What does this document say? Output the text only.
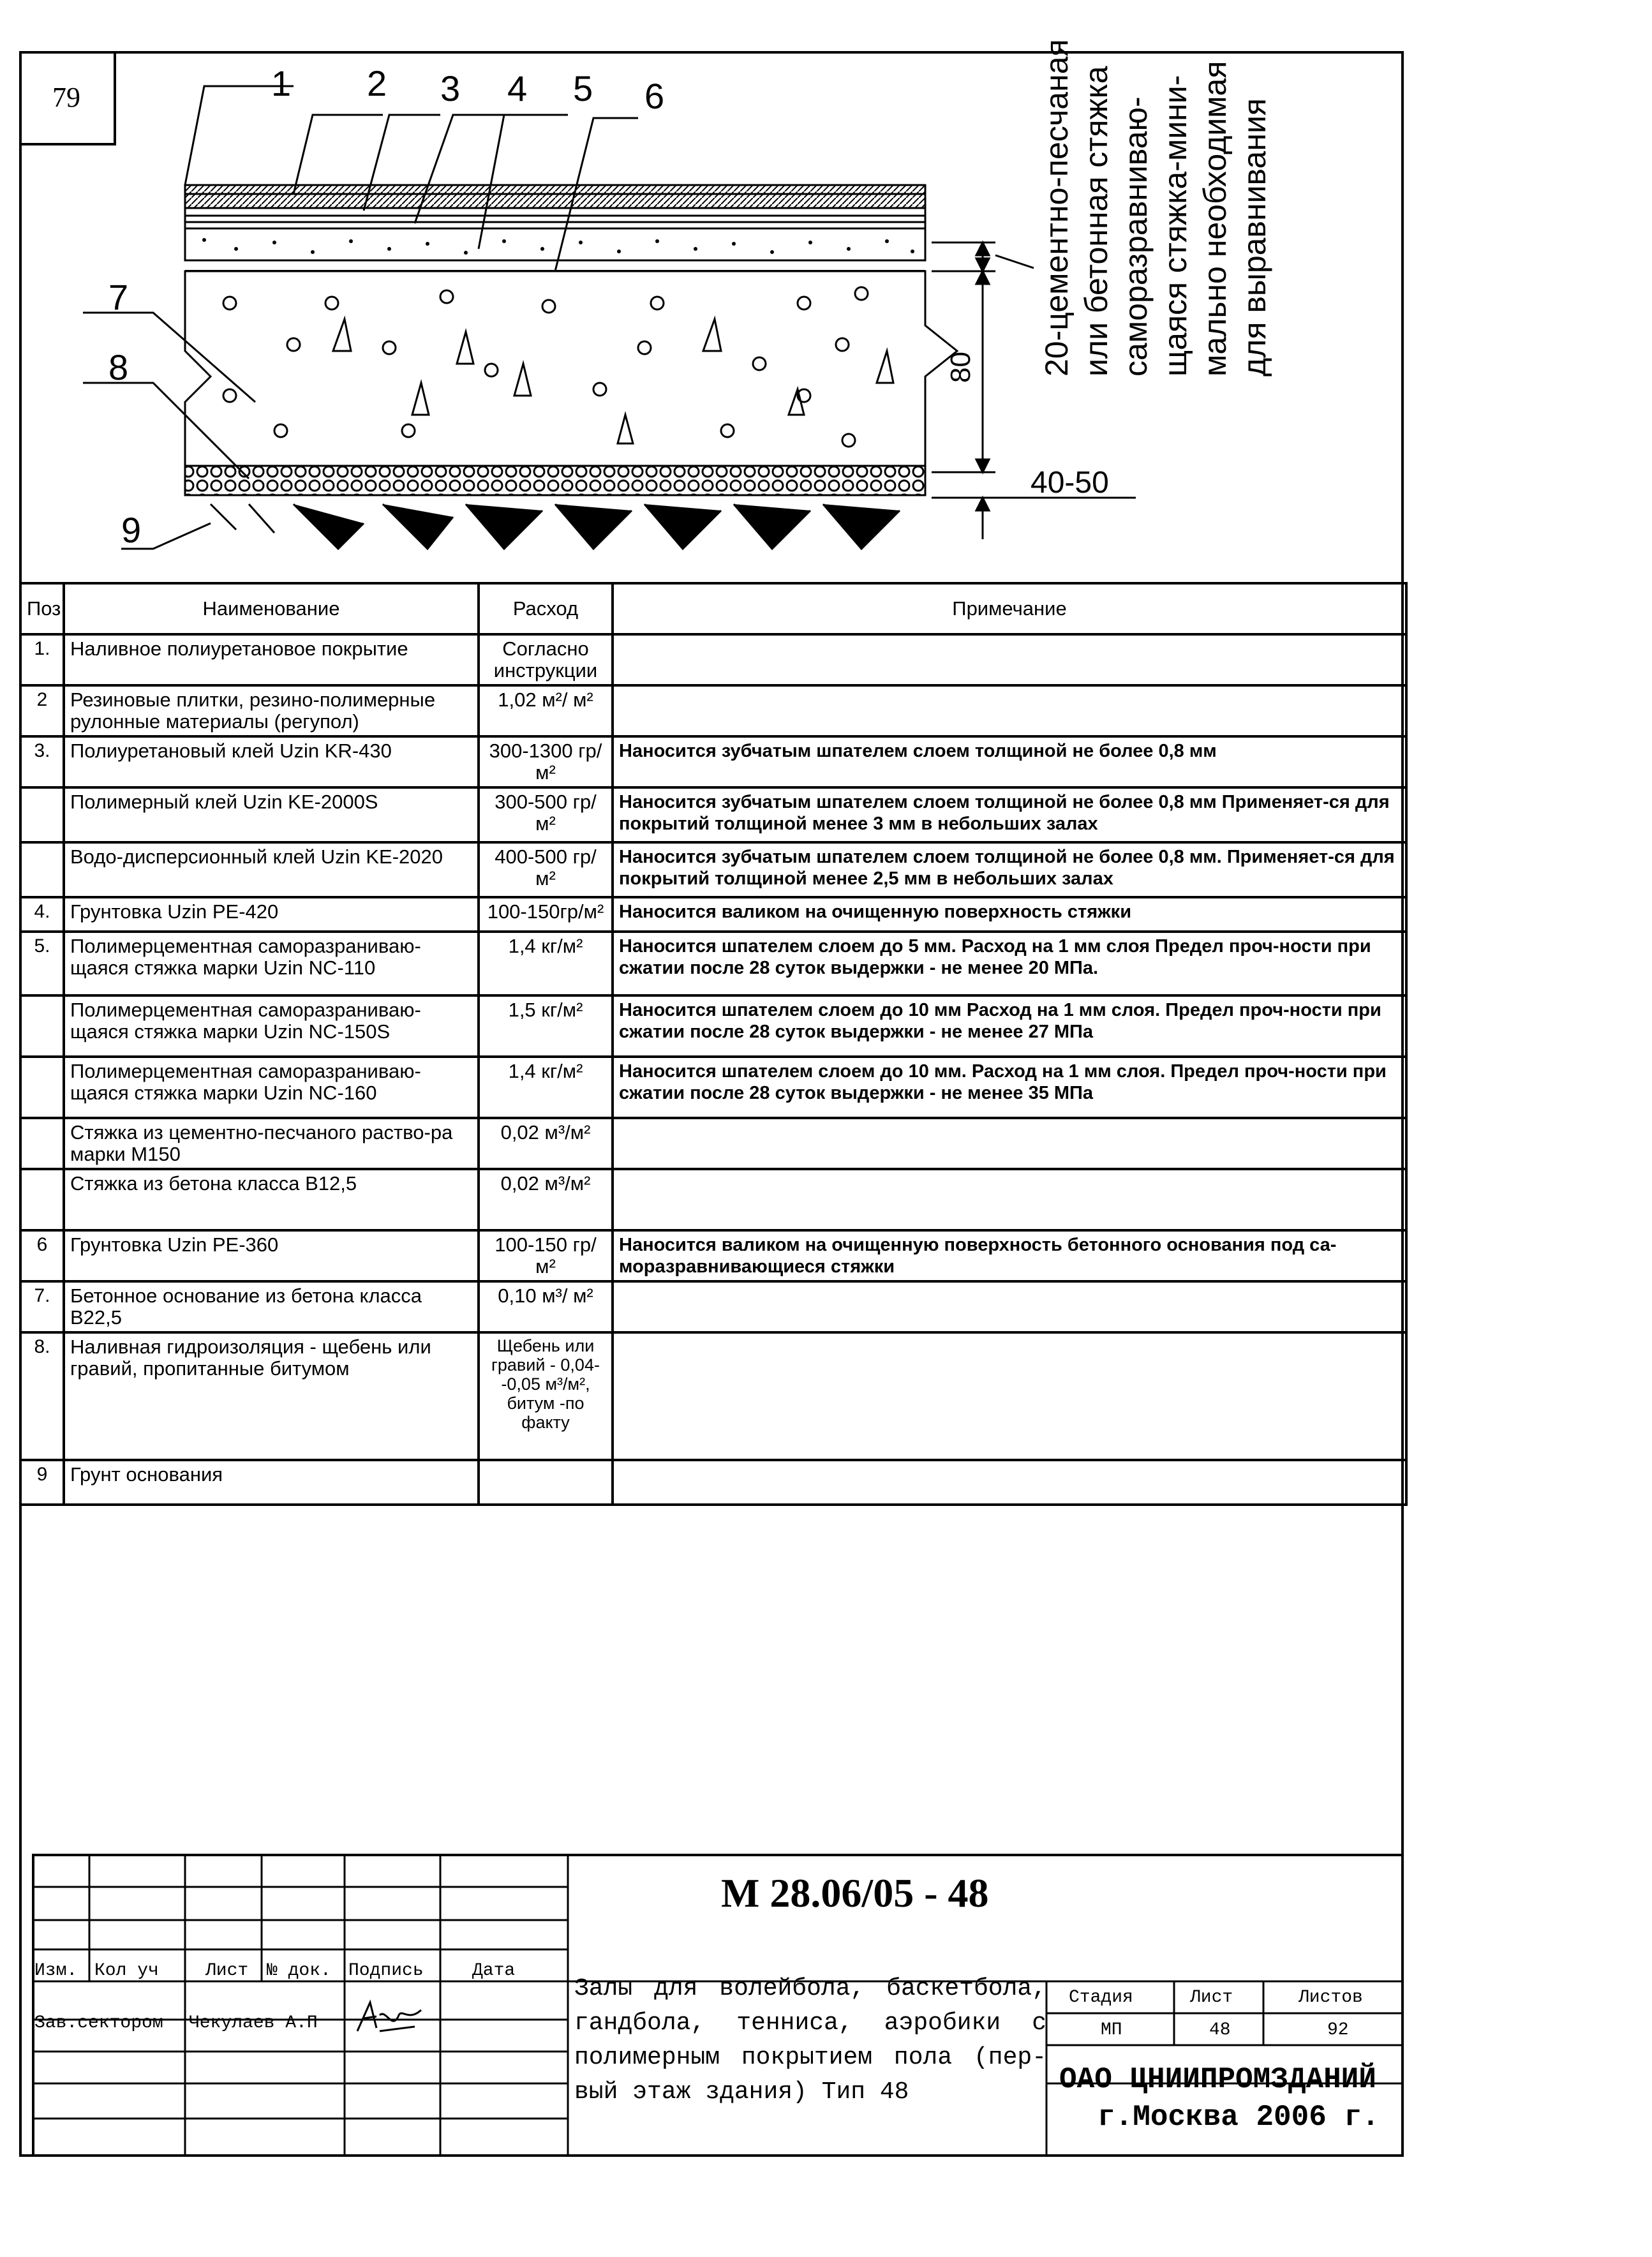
79	1 2 3 4 5 6
7
8
9
80
40-50
20-цементно-песчаная или бетонная стяжка саморазравниваю- щаяся стяжка-мини- мально необходимая для выравнивания
Поз	Наименование	Расход	Примечание
1.	Наливное полиуретановое покрытие	Согласно инструкции	
2	Резиновые плитки, резино-полимерные рулонные материалы (регупол)	1,02 м²/ м²	
3.	Полиуретановый клей Uzin KR-430	300-1300 гр/м²	Наносится зубчатым шпателем слоем толщиной не более 0,8 мм
	Полимерный клей Uzin KE-2000S	300-500 гр/м²	Наносится зубчатым шпателем слоем толщиной не более 0,8 мм Применяет-ся для покрытий толщиной менее 3 мм в небольших залах
	Водо-дисперсионный клей Uzin KE-2020	400-500 гр/м²	Наносится зубчатым шпателем слоем толщиной не более 0,8 мм. Применяет-ся для покрытий толщиной менее 2,5 мм в небольших залах
4.	Грунтовка Uzin PE-420	100-150гр/м²	Наносится валиком на очищенную поверхность стяжки
5.	Полимерцементная саморазраниваю-щаяся стяжка марки Uzin NC-110	1,4 кг/м²	Наносится шпателем слоем до 5 мм. Расход на 1 мм слоя Предел проч-ности при сжатии после 28 суток выдержки - не менее 20 МПа.
	Полимерцементная саморазраниваю-щаяся стяжка марки Uzin NC-150S	1,5 кг/м²	Наносится шпателем слоем до 10 мм Расход на 1 мм слоя. Предел проч-ности при сжатии после 28 суток выдержки - не менее 27 МПа
	Полимерцементная саморазраниваю-щаяся стяжка марки Uzin NC-160	1,4 кг/м²	Наносится шпателем слоем до 10 мм. Расход на 1 мм слоя. Предел проч-ности при сжатии после 28 суток выдержки - не менее 35 МПа
	Стяжка из цементно-песчаного раство-ра марки М150	0,02 м³/м²	
	Стяжка из бетона класса В12,5	0,02 м³/м²	
6	Грунтовка Uzin PE-360	100-150 гр/м²	Наносится валиком на очищенную поверхность бетонного основания под са-моразравнивающиеся стяжки
7.	Бетонное основание из бетона класса В22,5	0,10 м³/ м²	
8.	Наливная гидроизоляция - щебень или гравий, пропитанные битумом	Щебень или гравий - 0,04--0,05 м³/м², битум -по факту	
9	Грунт основания		
М 28.06/05 - 48
Изм. Кол уч	Лист № док. Подпись	Дата
Зав.сектором Чекулаев А.П
Залы для волейбола, баскетбола, гандбола, тенниса, аэробики с полимерным покрытием пола (пер-вый этаж здания) Тип 48
Стадия	Лист	Листов
МП	48	92
ОАО ЦНИИПРОМЗДАНИЙ
г.Москва 2006 г.
